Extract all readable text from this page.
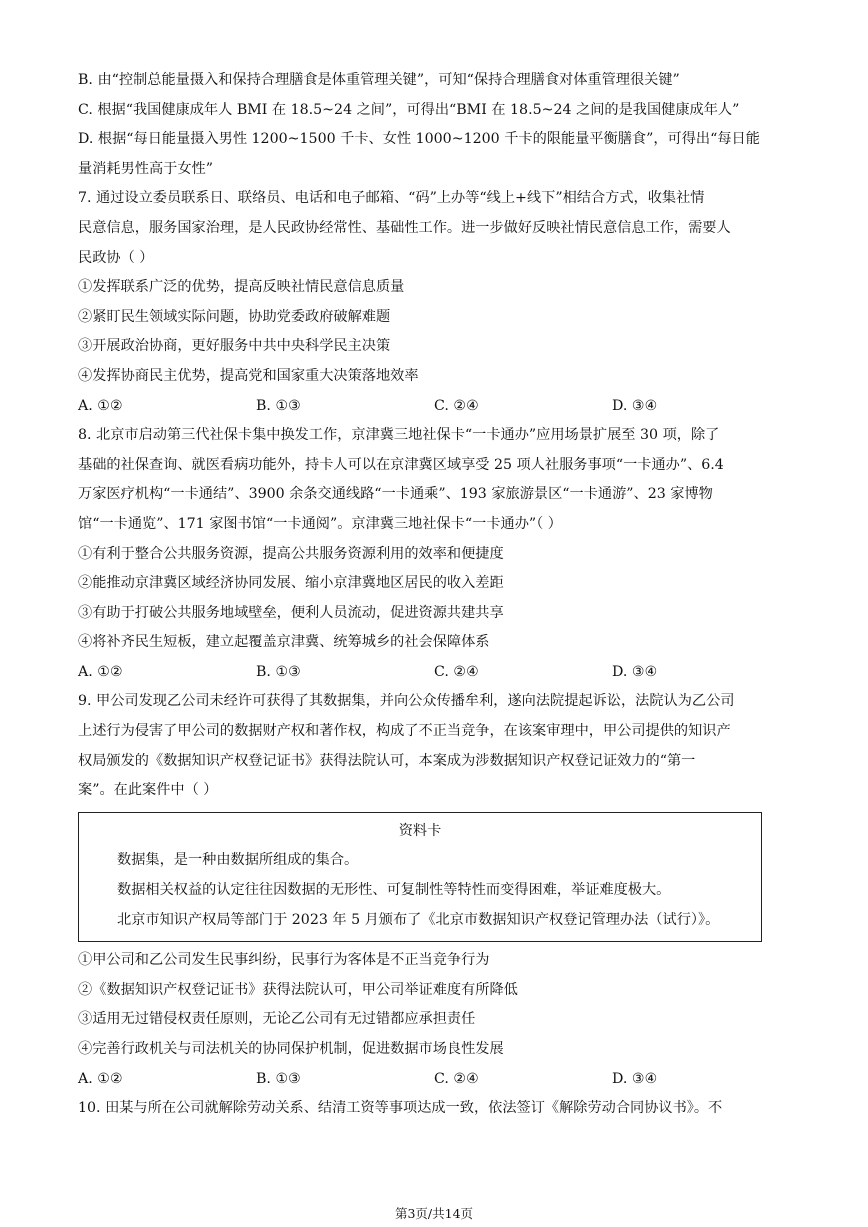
B. 由“控制总能量摄入和保持合理膳食是体重管理关键”，可知“保持合理膳食对体重管理很关键”
C. 根据“我国健康成年人 BMI 在 18.5~24 之间”，可得出“BMI 在 18.5~24 之间的是我国健康成年人”
D. 根据“每日能量摄入男性 1200~1500 千卡、女性 1000~1200 千卡的限能量平衡膳食”，可得出“每日能
量消耗男性高于女性”
7. 通过设立委员联系日、联络员、电话和电子邮箱、“码”上办等“线上+线下”相结合方式，收集社情
民意信息，服务国家治理，是人民政协经常性、基础性工作。进一步做好反映社情民意信息工作，需要人
民政协（ ）
①发挥联系广泛的优势，提高反映社情民意信息质量
②紧盯民生领域实际问题，协助党委政府破解难题
③开展政治协商，更好服务中共中央科学民主决策
④发挥协商民主优势，提高党和国家重大决策落地效率
A. ①②	B. ①③	C. ②④	D. ③④
8. 北京市启动第三代社保卡集中换发工作，京津冀三地社保卡“一卡通办”应用场景扩展至 30 项，除了
基础的社保查询、就医看病功能外，持卡人可以在京津冀区域享受 25 项人社服务事项“一卡通办”、6.4
万家医疗机构“一卡通结”、3900 余条交通线路“一卡通乘”、193 家旅游景区“一卡通游”、23 家博物
馆“一卡通览”、171 家图书馆“一卡通阅”。京津冀三地社保卡“一卡通办”（ ）
①有利于整合公共服务资源，提高公共服务资源利用的效率和便捷度
②能推动京津冀区域经济协同发展、缩小京津冀地区居民的收入差距
③有助于打破公共服务地域壁垒，便利人员流动，促进资源共建共享
④将补齐民生短板，建立起覆盖京津冀、统筹城乡的社会保障体系
A. ①②	B. ①③	C. ②④	D. ③④
9. 甲公司发现乙公司未经许可获得了其数据集，并向公众传播牟利，遂向法院提起诉讼，法院认为乙公司
上述行为侵害了甲公司的数据财产权和著作权，构成了不正当竞争，在该案审理中，甲公司提供的知识产
权局颁发的《数据知识产权登记证书》获得法院认可，本案成为涉数据知识产权登记证效力的“第一
案”。在此案件中（ ）
资料卡
数据集，是一种由数据所组成的集合。
数据相关权益的认定往往因数据的无形性、可复制性等特性而变得困难，举证难度极大。
北京市知识产权局等部门于 2023 年 5 月颁布了《北京市数据知识产权登记管理办法（试行）》。
①甲公司和乙公司发生民事纠纷，民事行为客体是不正当竞争行为
②《数据知识产权登记证书》获得法院认可，甲公司举证难度有所降低
③适用无过错侵权责任原则，无论乙公司有无过错都应承担责任
④完善行政机关与司法机关的协同保护机制，促进数据市场良性发展
A. ①②	B. ①③	C. ②④	D. ③④
10. 田某与所在公司就解除劳动关系、结清工资等事项达成一致，依法签订《解除劳动合同协议书》。不
第3页/共14页
